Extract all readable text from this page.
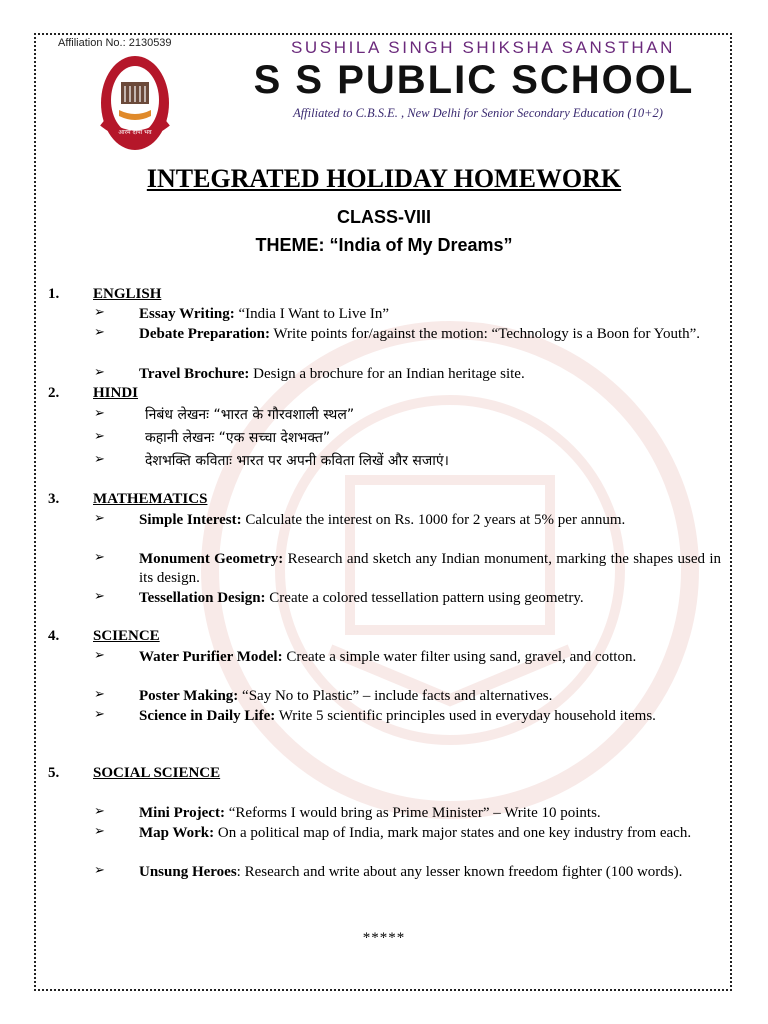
Affiliation No.: 2130539
आरम दीपो भव
SUSHILA SINGH SHIKSHA SANSTHAN
S S PUBLIC SCHOOL
Affiliated to C.B.S.E. , New Delhi for Senior Secondary Education (10+2)
INTEGRATED HOLIDAY HOMEWORK
CLASS-VIII
THEME: “India of My Dreams”
1. ENGLISH
➢ Essay Writing: “India I Want to Live In”
➢ Debate Preparation: Write points for/against the motion: “Technology is a Boon for Youth”.
➢ Travel Brochure: Design a brochure for an Indian heritage site.
2. HINDI
➢	निबंध लेखनः “भारत के गौरवशाली स्थल”
➢	कहानी लेखनः “एक सच्चा देशभक्त”
➢	देशभक्ति कविताः भारत पर अपनी कविता लिखें और सजाएं।
3. MATHEMATICS
➢ Simple Interest: Calculate the interest on Rs. 1000 for 2 years at 5% per annum.
➢ Monument Geometry: Research and sketch any Indian monument, marking the shapes used in its design.
➢ Tessellation Design: Create a colored tessellation pattern using geometry.
4. SCIENCE
➢ Water Purifier Model: Create a simple water filter using sand, gravel, and cotton.
➢ Poster Making: “Say No to Plastic” – include facts and alternatives.
➢ Science in Daily Life: Write 5 scientific principles used in everyday household items.
5. SOCIAL SCIENCE
➢ Mini Project: “Reforms I would bring as Prime Minister” – Write 10 points.
➢ Map Work: On a political map of India, mark major states and one key industry from each.
➢ Unsung Heroes: Research and write about any lesser known freedom fighter (100 words).
*****
